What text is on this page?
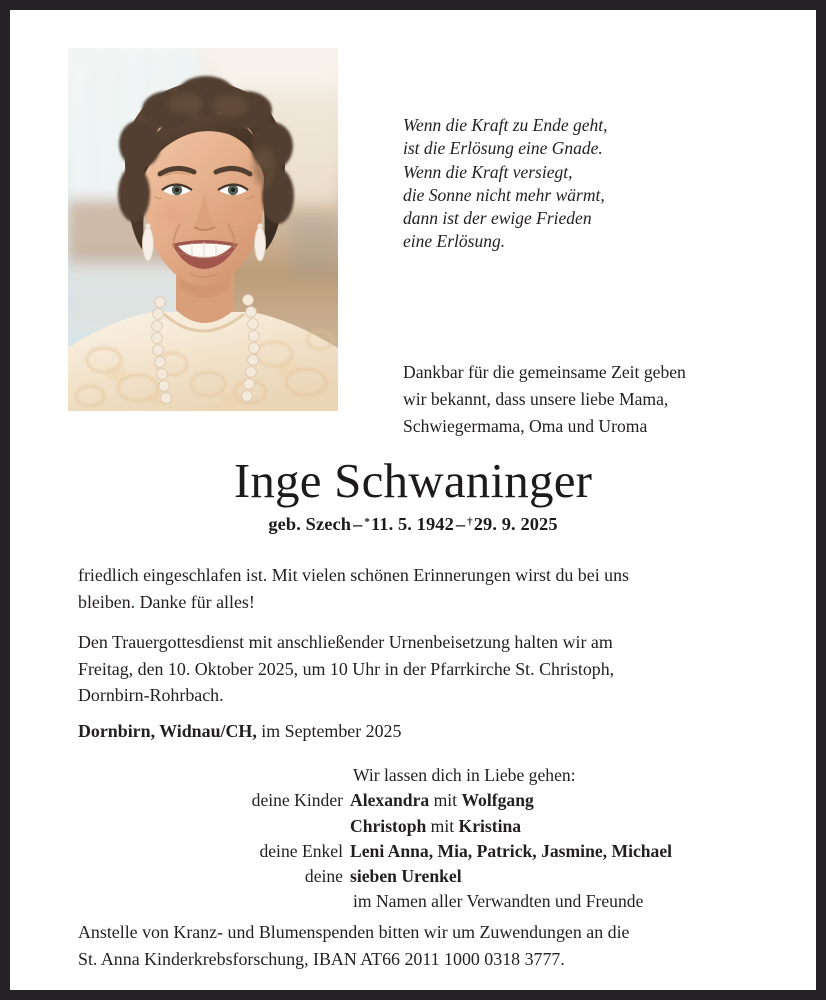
Wenn die Kraft zu Ende geht,
ist die Erlösung eine Gnade.
Wenn die Kraft versiegt,
die Sonne nicht mehr wärmt,
dann ist der ewige Frieden
eine Erlösung.
Dankbar für die gemeinsame Zeit geben
wir bekannt, dass unsere liebe Mama,
Schwiegermama, Oma und Uroma
Inge Schwaninger
geb. Szech – *11. 5. 1942 – †29. 9. 2025
friedlich eingeschlafen ist. Mit vielen schönen Erinnerungen wirst du bei uns
bleiben. Danke für alles!
Den Trauergottesdienst mit anschließender Urnenbeisetzung halten wir am
Freitag, den 10. Oktober 2025, um 10 Uhr in der Pfarrkirche St. Christoph,
Dornbirn-Rohrbach.
Dornbirn, Widnau/CH, im September 2025
Wir lassen dich in Liebe gehen:
deine Kinder Alexandra mit Wolfgang
Christoph mit Kristina
deine Enkel Leni Anna, Mia, Patrick, Jasmine, Michael
deine sieben Urenkel
im Namen aller Verwandten und Freunde
Anstelle von Kranz- und Blumenspenden bitten wir um Zuwendungen an die
St. Anna Kinderkrebsforschung, IBAN AT66 2011 1000 0318 3777.
